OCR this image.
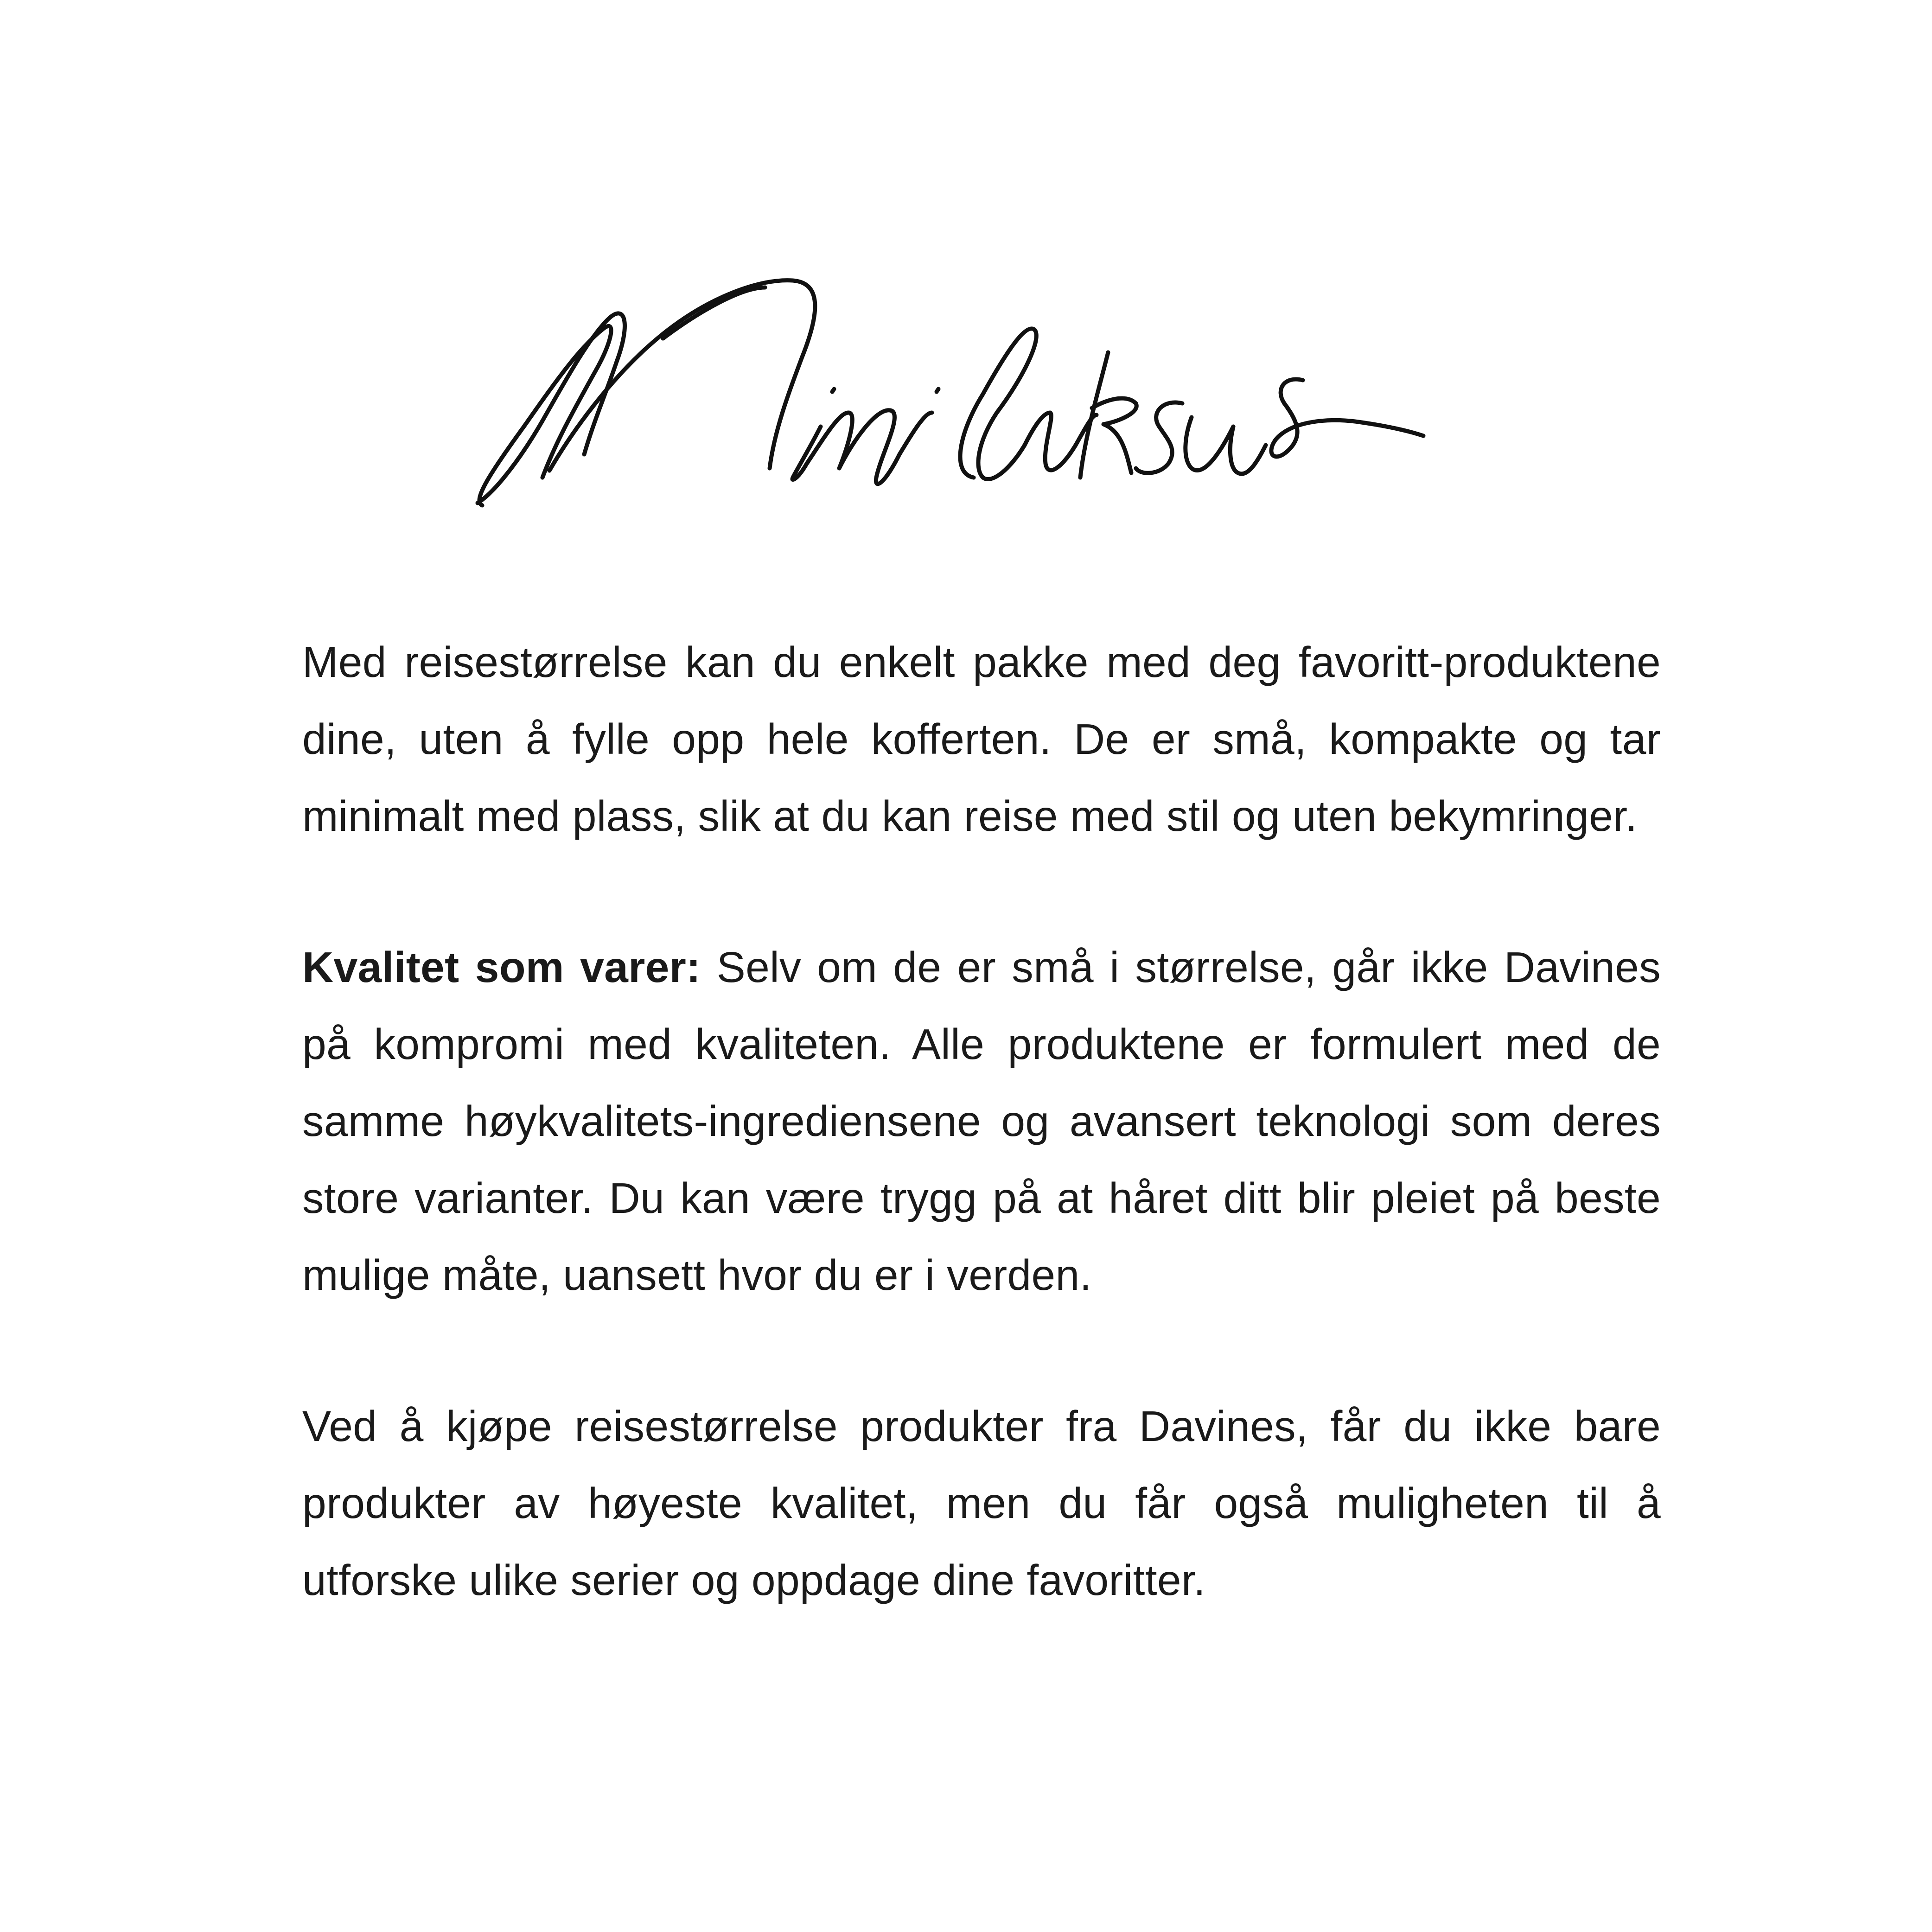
Med reisestørrelse kan du enkelt pakke med deg favoritt-produktene dine, uten å fylle opp hele kofferten. De er små, kompakte og tar minimalt med plass, slik at du kan reise med stil og uten bekymringer.

Kvalitet som varer: Selv om de er små i størrelse, går ikke Davines på kompromi med kvaliteten. Alle produktene er formulert med de samme høykvalitets-ingrediensene og avansert teknologi som deres store varianter. Du kan være trygg på at håret ditt blir pleiet på beste mulige måte, uansett hvor du er i verden.

Ved å kjøpe reisestørrelse produkter fra Davines, får du ikke bare produkter av høyeste kvalitet, men du får også muligheten til å utforske ulike serier og oppdage dine favoritter.
